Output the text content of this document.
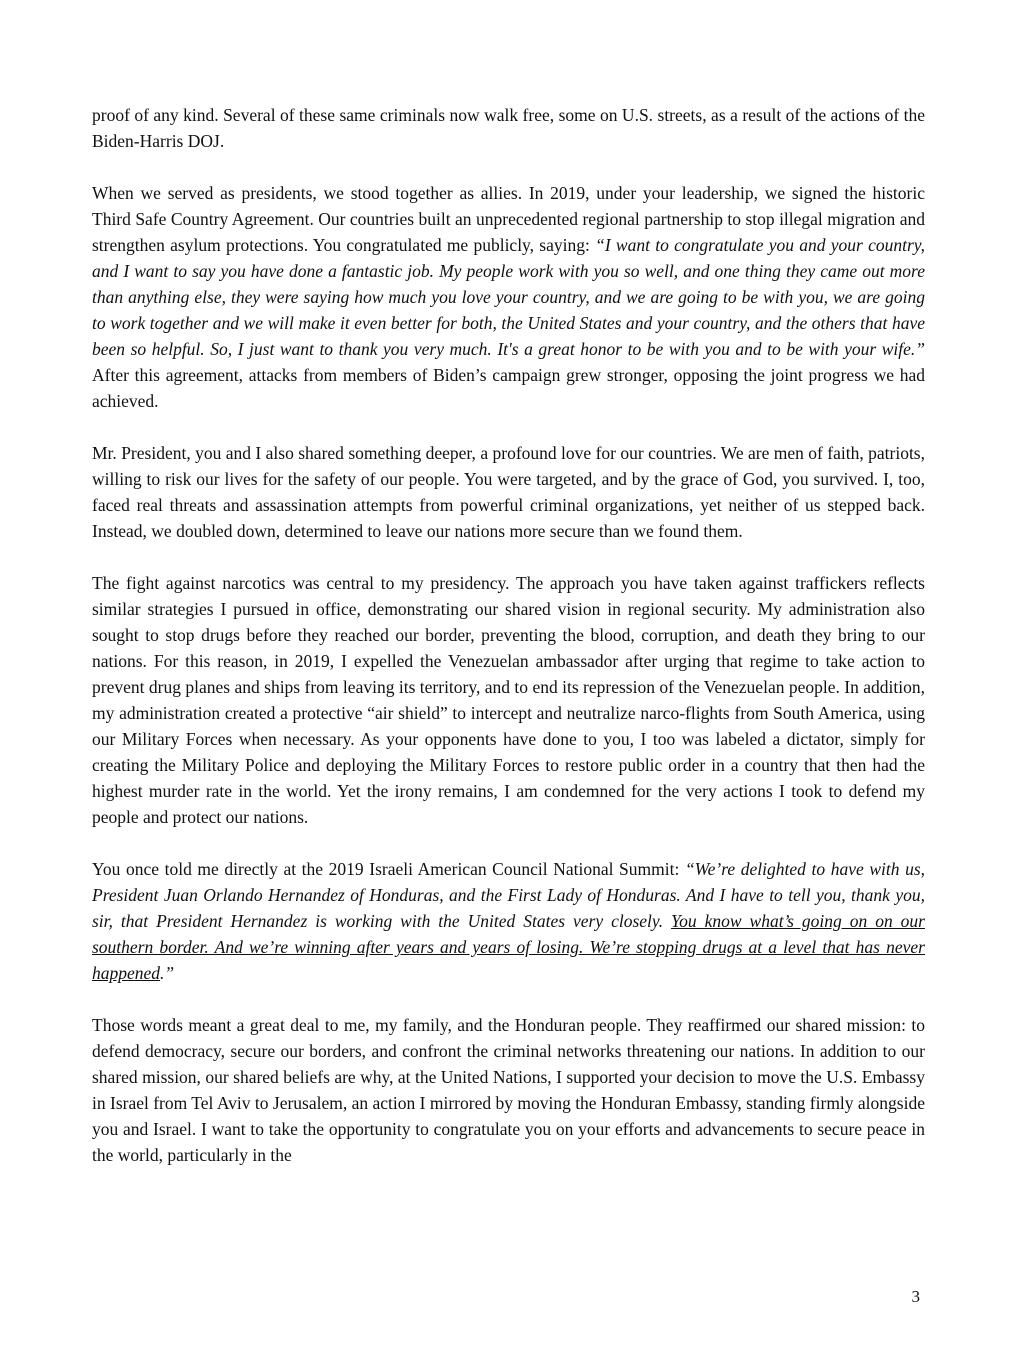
proof of any kind. Several of these same criminals now walk free, some on U.S. streets, as a result of the actions of the Biden-Harris DOJ.

When we served as presidents, we stood together as allies. In 2019, under your leadership, we signed the historic Third Safe Country Agreement. Our countries built an unprecedented regional partnership to stop illegal migration and strengthen asylum protections. You congratulated me publicly, saying: “I want to congratulate you and your country, and I want to say you have done a fantastic job. My people work with you so well, and one thing they came out more than anything else, they were saying how much you love your country, and we are going to be with you, we are going to work together and we will make it even better for both, the United States and your country, and the others that have been so helpful. So, I just want to thank you very much. It's a great honor to be with you and to be with your wife.” After this agreement, attacks from members of Biden’s campaign grew stronger, opposing the joint progress we had achieved.

Mr. President, you and I also shared something deeper, a profound love for our countries. We are men of faith, patriots, willing to risk our lives for the safety of our people. You were targeted, and by the grace of God, you survived. I, too, faced real threats and assassination attempts from powerful criminal organizations, yet neither of us stepped back. Instead, we doubled down, determined to leave our nations more secure than we found them.

The fight against narcotics was central to my presidency. The approach you have taken against traffickers reflects similar strategies I pursued in office, demonstrating our shared vision in regional security. My administration also sought to stop drugs before they reached our border, preventing the blood, corruption, and death they bring to our nations. For this reason, in 2019, I expelled the Venezuelan ambassador after urging that regime to take action to prevent drug planes and ships from leaving its territory, and to end its repression of the Venezuelan people. In addition, my administration created a protective “air shield” to intercept and neutralize narco-flights from South America, using our Military Forces when necessary. As your opponents have done to you, I too was labeled a dictator, simply for creating the Military Police and deploying the Military Forces to restore public order in a country that then had the highest murder rate in the world. Yet the irony remains, I am condemned for the very actions I took to defend my people and protect our nations.

You once told me directly at the 2019 Israeli American Council National Summit: “We’re delighted to have with us, President Juan Orlando Hernandez of Honduras, and the First Lady of Honduras. And I have to tell you, thank you, sir, that President Hernandez is working with the United States very closely. You know what’s going on on our southern border. And we’re winning after years and years of losing. We’re stopping drugs at a level that has never happened.”

Those words meant a great deal to me, my family, and the Honduran people. They reaffirmed our shared mission: to defend democracy, secure our borders, and confront the criminal networks threatening our nations. In addition to our shared mission, our shared beliefs are why, at the United Nations, I supported your decision to move the U.S. Embassy in Israel from Tel Aviv to Jerusalem, an action I mirrored by moving the Honduran Embassy, standing firmly alongside you and Israel. I want to take the opportunity to congratulate you on your efforts and advancements to secure peace in the world, particularly in the

3
